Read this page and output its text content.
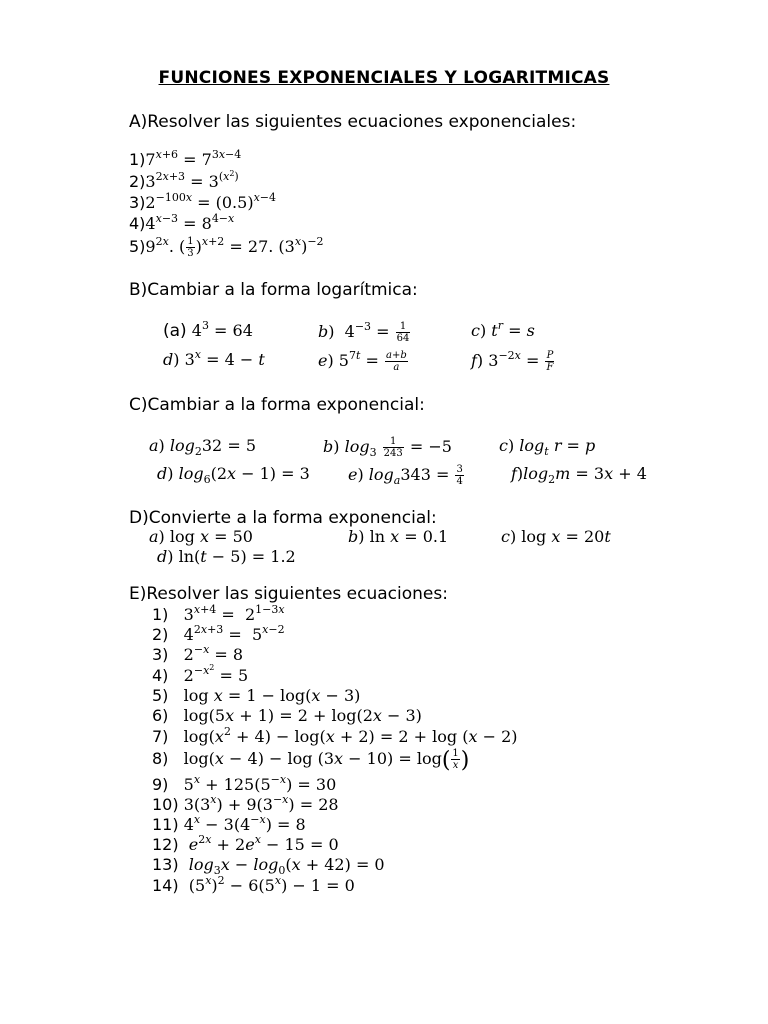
FUNCIONES EXPONENCIALES Y LOGARITMICAS
A)Resolver las siguientes ecuaciones exponenciales:
$1)7^{x+6} = 7^{3x-4}$
$2)3^{2x+3} = 3^{(x^2)}$
$3)2^{-100x} = (0.5)^{x-4}$
$4)4^{x-3} = 8^{4-x}$
$5)9^{2x}$. ( $\frac{1}{3} )^{x+2} = 27$. $(3^x)^{-2}$
B)Cambiar a la forma logarítmica:
(a) $4^3 = 64$	b)  $4^{-3} = \frac{1}{64}$	c) $t^r = s$
d) $3^x = 4 - t$	e) $5^{7t} = \frac{a+b}{a}$	f) $3^{-2x} = \frac{P}{F}$
C)Cambiar a la forma exponencial:
a) $\log_232 = 5$	b) $\log_3 \frac{1}{243} = -5$	c) $\log_t r = p$
d) $\log_6(2x - 1) = 3$ e) $\log_a343 = \frac{3}{4}$	$f)\log_2m = 3x + 4$
D)Convierte a la forma exponencial:
a) log x = 50	b) ln x = 0.1	c) log x = 20t
d) ln(t − 5) = 1.2
E)Resolver las siguientes ecuaciones:
1)   $3^{x+4} = 2^{1-3x}$
2)   $4^{2x+3} = 5^{x-2}$
3)   $2^{-x} = 8$
4)   $2^{-x^2} = 5$
5)   log x = 1 − log(x − 3)
6)   log(5x + 1) = 2 + log(2x − 3)
7)   $\log(x^2 + 4) - \log(x + 2) = 2 + \log (x - 2)$
8)   $\log(x - 4) - \log (3x - 10) = \log( \frac{1}{x}$ )
9)   $5^x + 125(5^{-x}) = 30$
10) $3(3^x) + 9(3^{-x}) = 28$
11) $4^x - 3(4^{-x}) = 8$
12) $e^{2x} + 2e^x - 15 = 0$
13) $\log_3x - \log_0(x + 42) = 0$
14)  $(5^x)^2 - 6(5^x) - 1 = 0$
